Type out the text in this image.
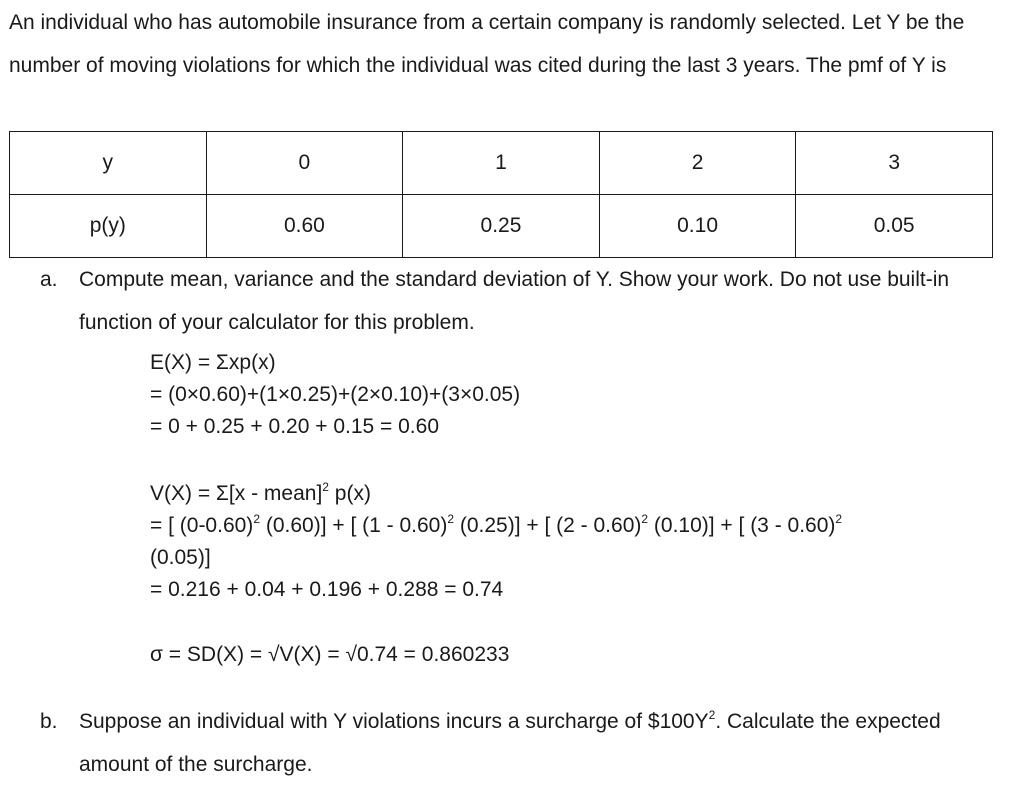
An individual who has automobile insurance from a certain company is randomly selected. Let Y be the number of moving violations for which the individual was cited during the last 3 years. The pmf of Y is
y	0	1	2	3
p(y)	0.60	0.25	0.10	0.05
a. Compute mean, variance and the standard deviation of Y. Show your work. Do not use built-in function of your calculator for this problem.
E(X) = Σxp(x)
= (0×0.60)+(1×0.25)+(2×0.10)+(3×0.05)
= 0 + 0.25 + 0.20 + 0.15 = 0.60
V(X) = Σ[x - mean]$^2$ p(x)
= [ $(0-0.60)^2$ (0.60)] + [ (1 - 0.60)$^2$ (0.25)] + [ (2 - 0.60)$^2$ (0.10)] + [ (3 - 0.60)$^2$
(0.05)]
= 0.216 + 0.04 + 0.196 + 0.288 = 0.74
σ = SD(X) = √V(X) = √0.74 = 0.860233
b. Suppose an individual with Y violations incurs a surcharge of $\$100Y^2$. Calculate the expected amount of the surcharge.
